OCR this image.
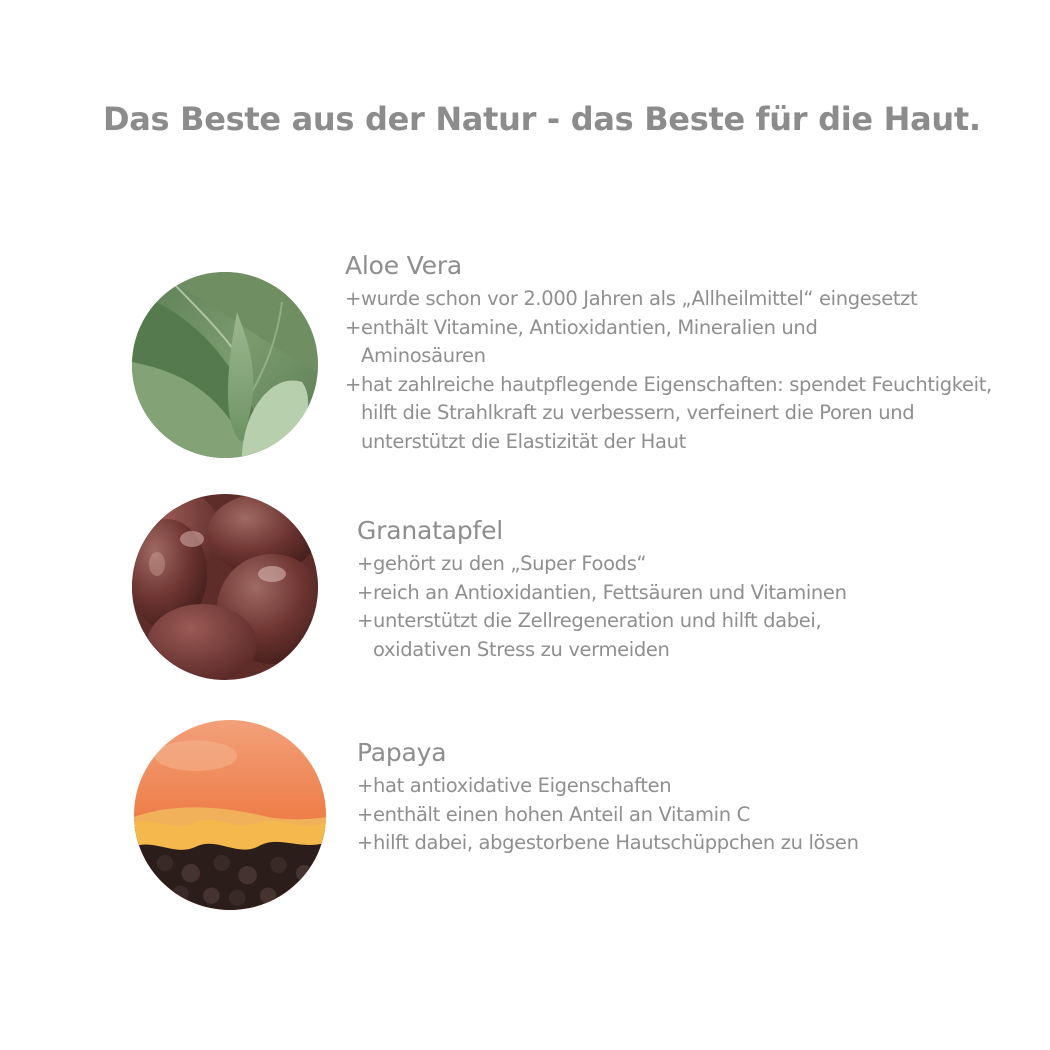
Das Beste aus der Natur - das Beste für die Haut.
Aloe Vera
+ wurde schon vor 2.000 Jahren als „Allheilmittel“ eingesetzt
+ enthält Vitamine, Antioxidantien, Mineralien und Aminosäuren
+ hat zahlreiche hautpflegende Eigenschaften: spendet Feuchtigkeit, hilft die Strahlkraft zu verbessern, verfeinert die Poren und unterstützt die Elastizität der Haut
Granatapfel
+ gehört zu den „Super Foods“
+ reich an Antioxidantien, Fettsäuren und Vitaminen
+ unterstützt die Zellregeneration und hilft dabei, oxidativen Stress zu vermeiden
Papaya
+ hat antioxidative Eigenschaften
+ enthält einen hohen Anteil an Vitamin C
+ hilft dabei, abgestorbene Hautschüppchen zu lösen
